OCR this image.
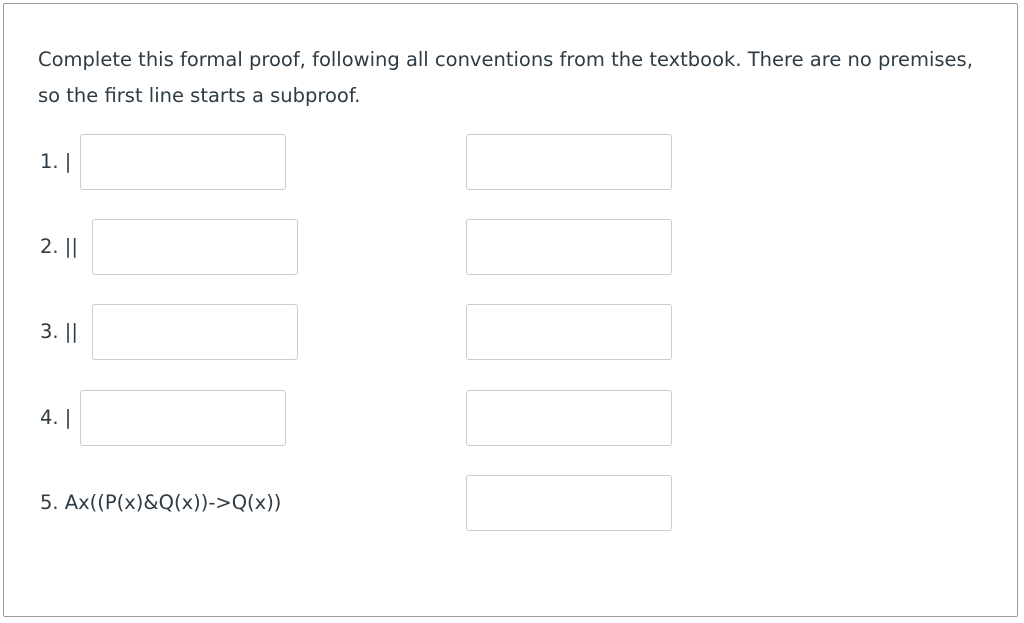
Complete this formal proof, following all conventions from the textbook. There are no premises, so the first line starts a subproof.
1. |
2. ||
3. ||
4. |
5. Ax((P(x)&Q(x))->Q(x))
